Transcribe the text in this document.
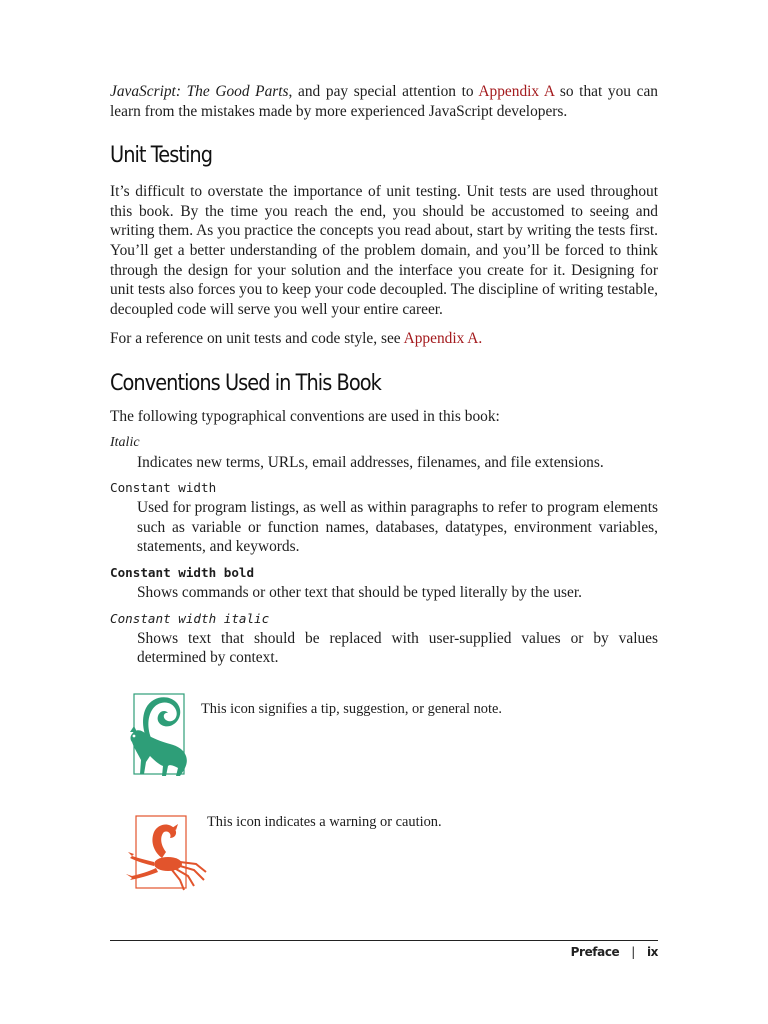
JavaScript: The Good Parts, and pay special attention to Appendix A so that you can learn from the mistakes made by more experienced JavaScript developers.

Unit Testing

It’s difficult to overstate the importance of unit testing. Unit tests are used throughout this book. By the time you reach the end, you should be accustomed to seeing and writing them. As you practice the concepts you read about, start by writing the tests first. You’ll get a better understanding of the problem domain, and you’ll be forced to think through the design for your solution and the interface you create for it. Designing for unit tests also forces you to keep your code decoupled. The discipline of writing testable, decoupled code will serve you well your entire career.

For a reference on unit tests and code style, see Appendix A.

Conventions Used in This Book

The following typographical conventions are used in this book:

Italic

Indicates new terms, URLs, email addresses, filenames, and file extensions.

Constant width

Used for program listings, as well as within paragraphs to refer to program elements such as variable or function names, databases, datatypes, environment variables, statements, and keywords.

Constant width bold

Shows commands or other text that should be typed literally by the user.

Constant width italic

Shows text that should be replaced with user-supplied values or by values determined by context.

This icon signifies a tip, suggestion, or general note.
This icon indicates a warning or caution.
Preface | ix
